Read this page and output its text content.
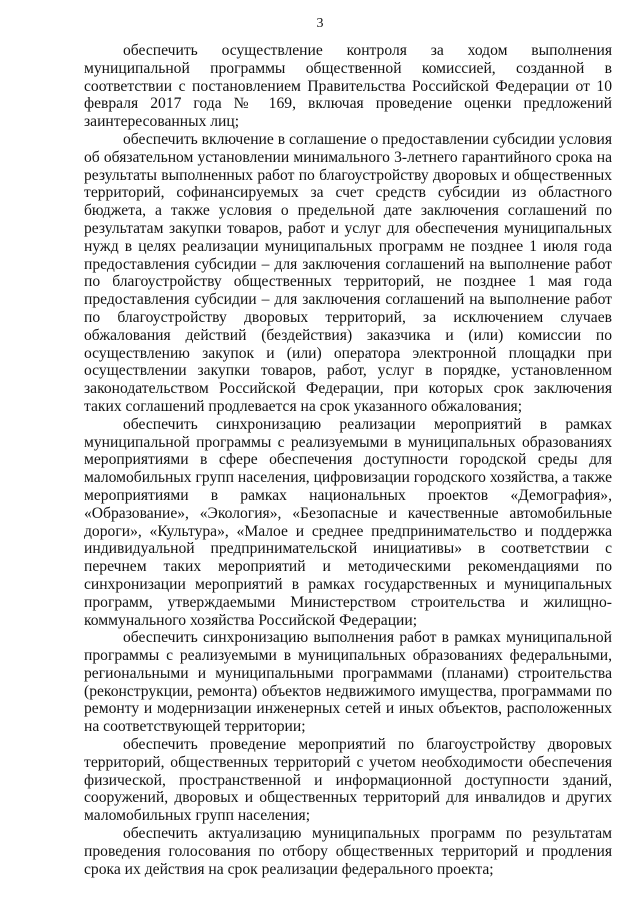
3

обеспечить осуществление контроля за ходом выполнения муниципальной программы общественной комиссией, созданной в соответствии с постановлением Правительства Российской Федерации от 10 февраля 2017 года № 169, включая проведение оценки предложений заинтересованных лиц;

обеспечить включение в соглашение о предоставлении субсидии условия об обязательном установлении минимального 3-летнего гарантийного срока на результаты выполненных работ по благоустройству дворовых и общественных территорий, софинансируемых за счет средств субсидии из областного бюджета, а также условия о предельной дате заключения соглашений по результатам закупки товаров, работ и услуг для обеспечения муниципальных нужд в целях реализации муниципальных программ не позднее 1 июля года предоставления субсидии – для заключения соглашений на выполнение работ по благоустройству общественных территорий, не позднее 1 мая года предоставления субсидии – для заключения соглашений на выполнение работ по благоустройству дворовых территорий, за исключением случаев обжалования действий (бездействия) заказчика и (или) комиссии по осуществлению закупок и (или) оператора электронной площадки при осуществлении закупки товаров, работ, услуг в порядке, установленном законодательством Российской Федерации, при которых срок заключения таких соглашений продлевается на срок указанного обжалования;

обеспечить синхронизацию реализации мероприятий в рамках муниципальной программы с реализуемыми в муниципальных образованиях мероприятиями в сфере обеспечения доступности городской среды для маломобильных групп населения, цифровизации городского хозяйства, а также мероприятиями в рамках национальных проектов «Демография», «Образование», «Экология», «Безопасные и качественные автомобильные дороги», «Культура», «Малое и среднее предпринимательство и поддержка индивидуальной предпринимательской инициативы» в соответствии с перечнем таких мероприятий и методическими рекомендациями по синхронизации мероприятий в рамках государственных и муниципальных программ, утверждаемыми Министерством строительства и жилищно-коммунального хозяйства Российской Федерации;

обеспечить синхронизацию выполнения работ в рамках муниципальной программы с реализуемыми в муниципальных образованиях федеральными, региональными и муниципальными программами (планами) строительства (реконструкции, ремонта) объектов недвижимого имущества, программами по ремонту и модернизации инженерных сетей и иных объектов, расположенных на соответствующей территории;

обеспечить проведение мероприятий по благоустройству дворовых территорий, общественных территорий с учетом необходимости обеспечения физической, пространственной и информационной доступности зданий, сооружений, дворовых и общественных территорий для инвалидов и других маломобильных групп населения;

обеспечить актуализацию муниципальных программ по результатам проведения голосования по отбору общественных территорий и продления срока их действия на срок реализации федерального проекта;
